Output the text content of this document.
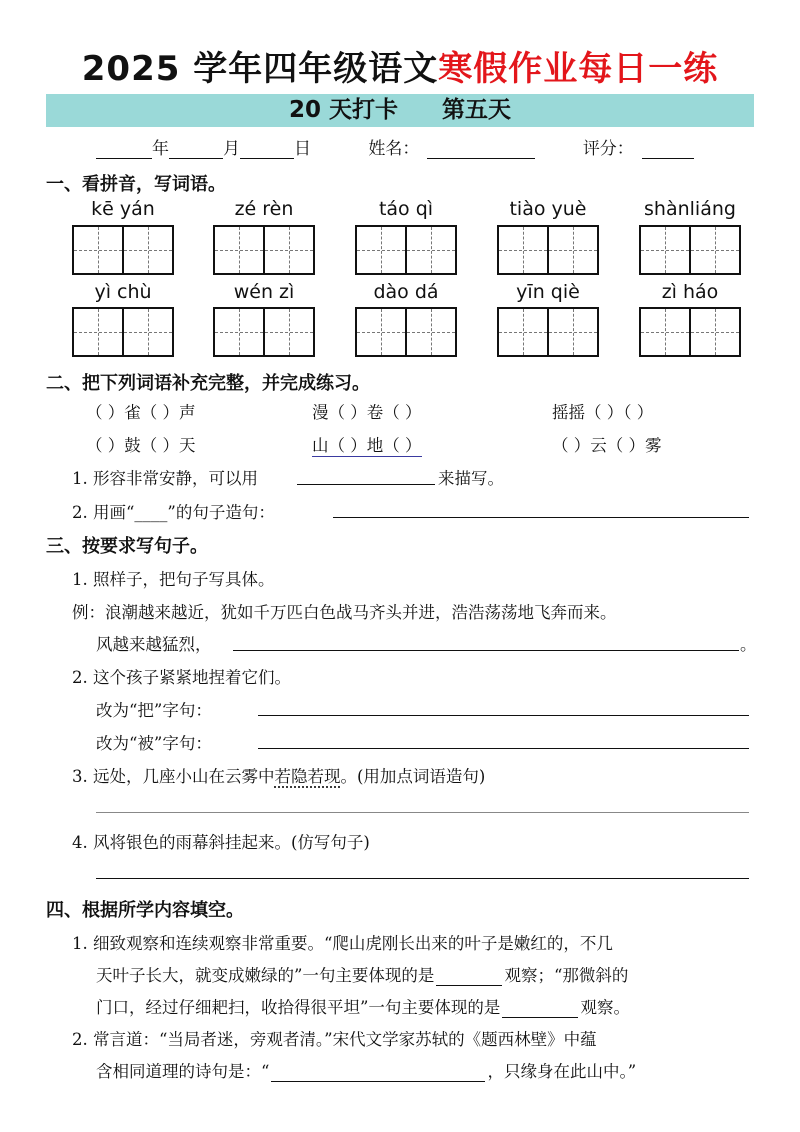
2025 学年四年级语文寒假作业每日一练
20 天打卡 第五天
年	月	日	姓名：	评分：
一、看拼音，写词语。
kē yán	zé rèn	táo qì	tiào yuè	shànliáng
yì chù	wén zì	dào dá	yīn qiè	zì háo
二、把下列词语补充完整，并完成练习。
（ ）雀（ ）声	漫（ ）卷（ ）	摇摇（ ）（ ）
（ ）鼓（ ）天	山（ ）地（ ）	（ ）云（ ）雾
1. 形容非常安静，可以用	来描写。
2. 用画“____”的句子造句：
三、按要求写句子。
1. 照样子，把句子写具体。
例：浪潮越来越近，犹如千万匹白色战马齐头并进，浩浩荡荡地飞奔而来。
风越来越猛烈，	。
2. 这个孩子紧紧地捏着它们。
改为“把”字句：
改为“被”字句：
3. 远处，几座小山在云雾中若隐若现。(用加点词语造句)
4. 风将银色的雨幕斜挂起来。(仿写句子)
四、根据所学内容填空。
1. 细致观察和连续观察非常重要。“爬山虎刚长出来的叶子是嫩红的，不几
天叶子长大，就变成嫩绿的”一句主要体现的是	观察；“那微斜的
门口，经过仔细耙扫，收拾得很平坦”一句主要体现的是	观察。
2. 常言道：“当局者迷，旁观者清。”宋代文学家苏轼的《题西林壁》中蕴
含相同道理的诗句是：“	，只缘身在此山中。”
